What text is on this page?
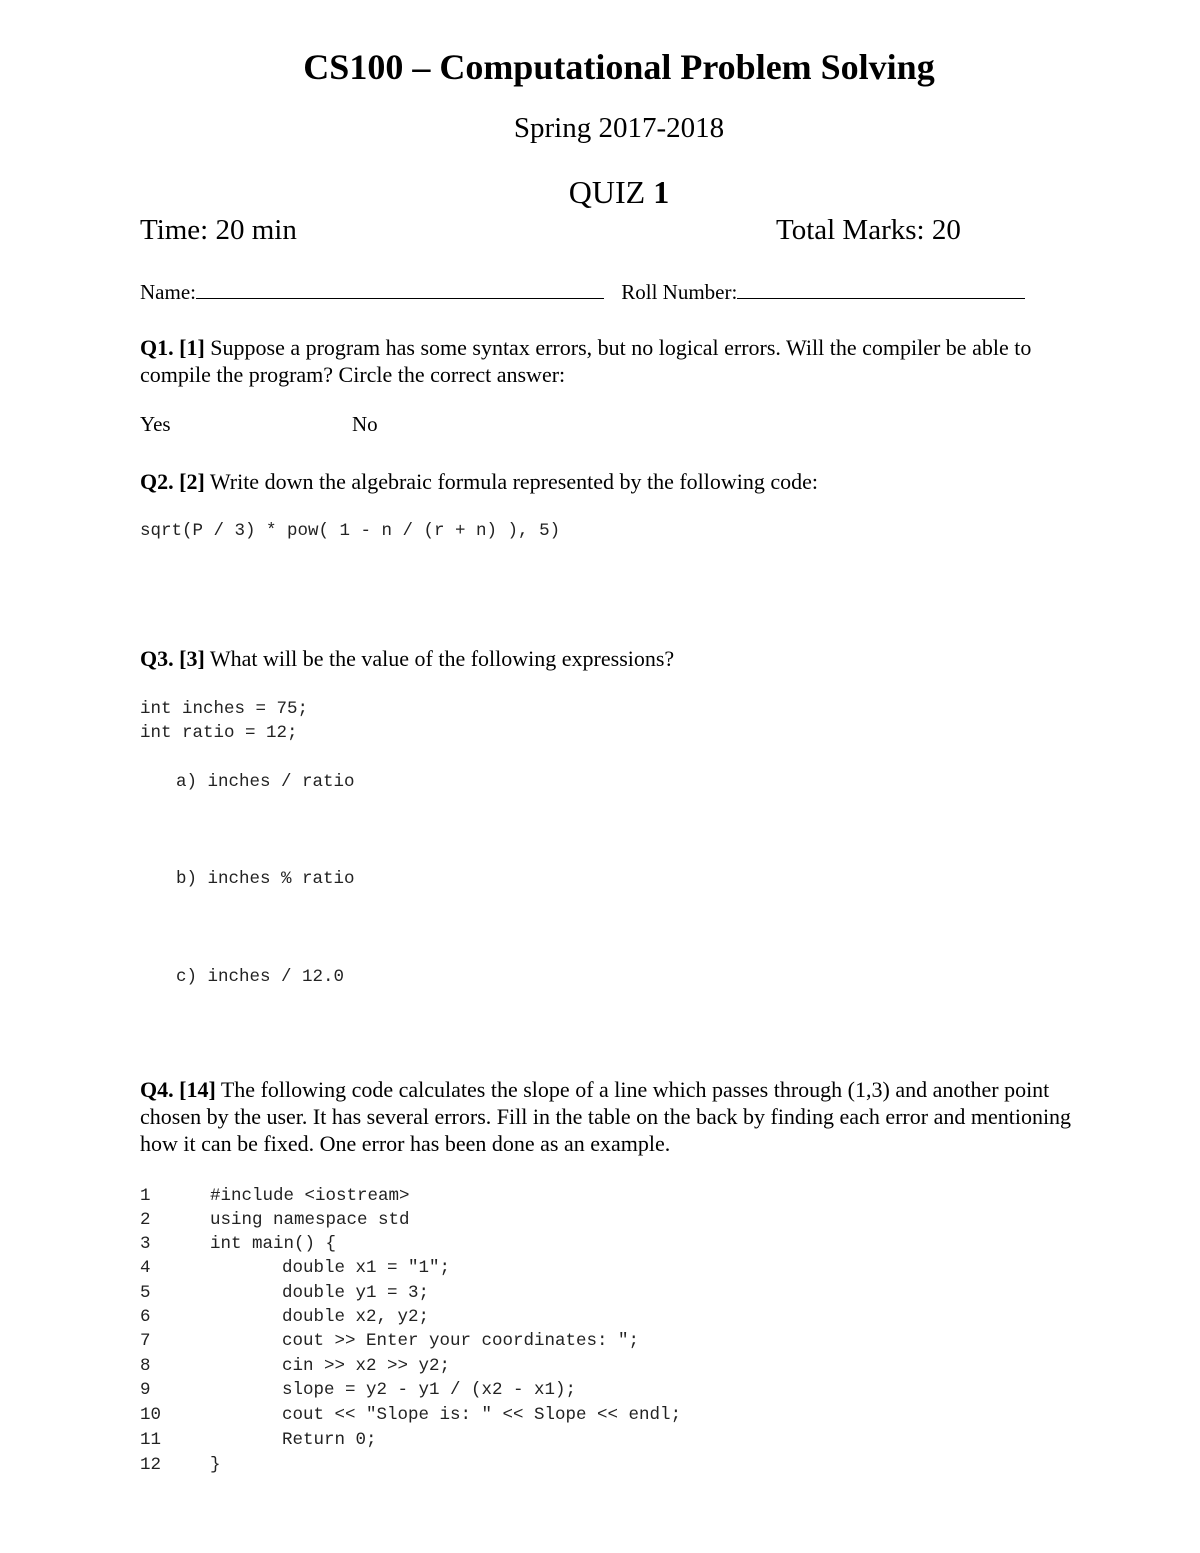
CS100 – Computational Problem Solving
Spring 2017-2018
QUIZ 1
Time: 20 min	Total Marks: 20
Name:	Roll Number:
Q1. [1] Suppose a program has some syntax errors, but no logical errors. Will the compiler be able to compile the program? Circle the correct answer:
Yes	No
Q2. [2] Write down the algebraic formula represented by the following code:
sqrt(P / 3) * pow( 1 - n / (r + n) ), 5)
Q3. [3] What will be the value of the following expressions?
int inches = 75;
int ratio = 12;
a) inches / ratio
b) inches % ratio
c) inches / 12.0
Q4. [14] The following code calculates the slope of a line which passes through (1,3) and another point chosen by the user. It has several errors. Fill in the table on the back by finding each error and mentioning how it can be fixed. One error has been done as an example.
1	#include <iostream>
2	using namespace std
3	int main() {
4	double x1 = "1";
5	double y1 = 3;
6	double x2, y2;
7	cout >> Enter your coordinates: ";
8	cin >> x2 >> y2;
9	slope = y2 - y1 / (x2 - x1);
10	cout << "Slope is: " << Slope << endl;
11	Return 0;
12	}
